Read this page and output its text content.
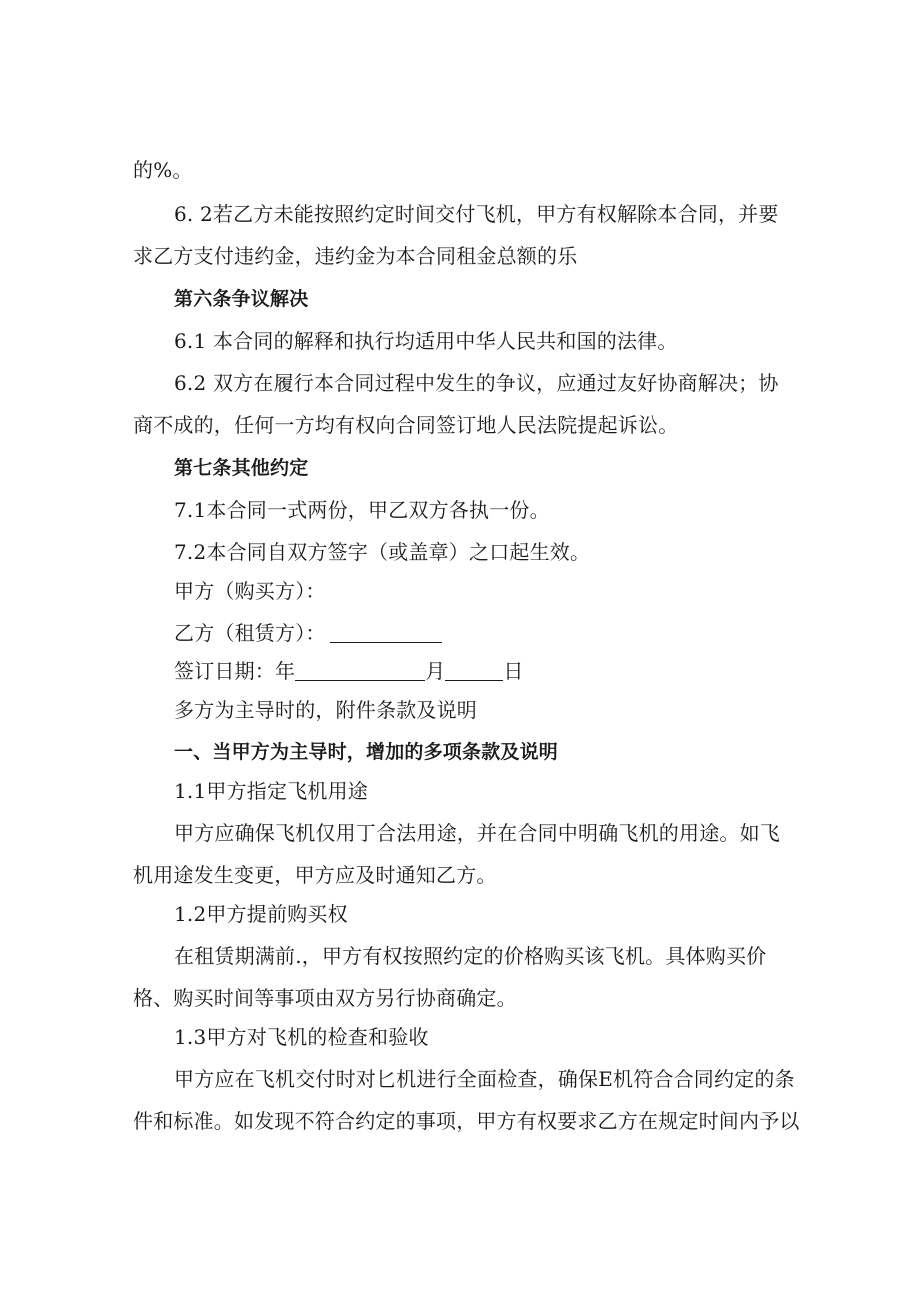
的%。
6. 2若乙方未能按照约定时间交付飞机，甲方有权解除本合同，并要
求乙方支付违约金，违约金为本合同租金总额的乐
第六条争议解决
6.1 本合同的解释和执行均适用中华人民共和国的法律。
6.2 双方在履行本合同过程中发生的争议，应通过友好协商解决；协
商不成的，任何一方均有权向合同签订地人民法院提起诉讼。
第七条其他约定
7.1本合同一式两份，甲乙双方各执一份。
7.2本合同自双方签字（或盖章）之口起生效。
甲方（购买方）：
乙方（租赁方）：
签订日期：年	月	日
多方为主导时的，附件条款及说明
一、当甲方为主导时，增加的多项条款及说明
1.1甲方指定飞机用途
甲方应确保飞机仅用丁合法用途，并在合同中明确飞机的用途。如飞
机用途发生变更，甲方应及时通知乙方。
1.2甲方提前购买权
在租赁期满前.，甲方有权按照约定的价格购买该飞机。具体购买价
格、购买时间等事项由双方另行协商确定。
1.3甲方对飞机的检查和验收
甲方应在飞机交付时对匕机进行全面检查，确保E机符合合同约定的条
件和标准。如发现不符合约定的事项，甲方有权要求乙方在规定时间内予以
